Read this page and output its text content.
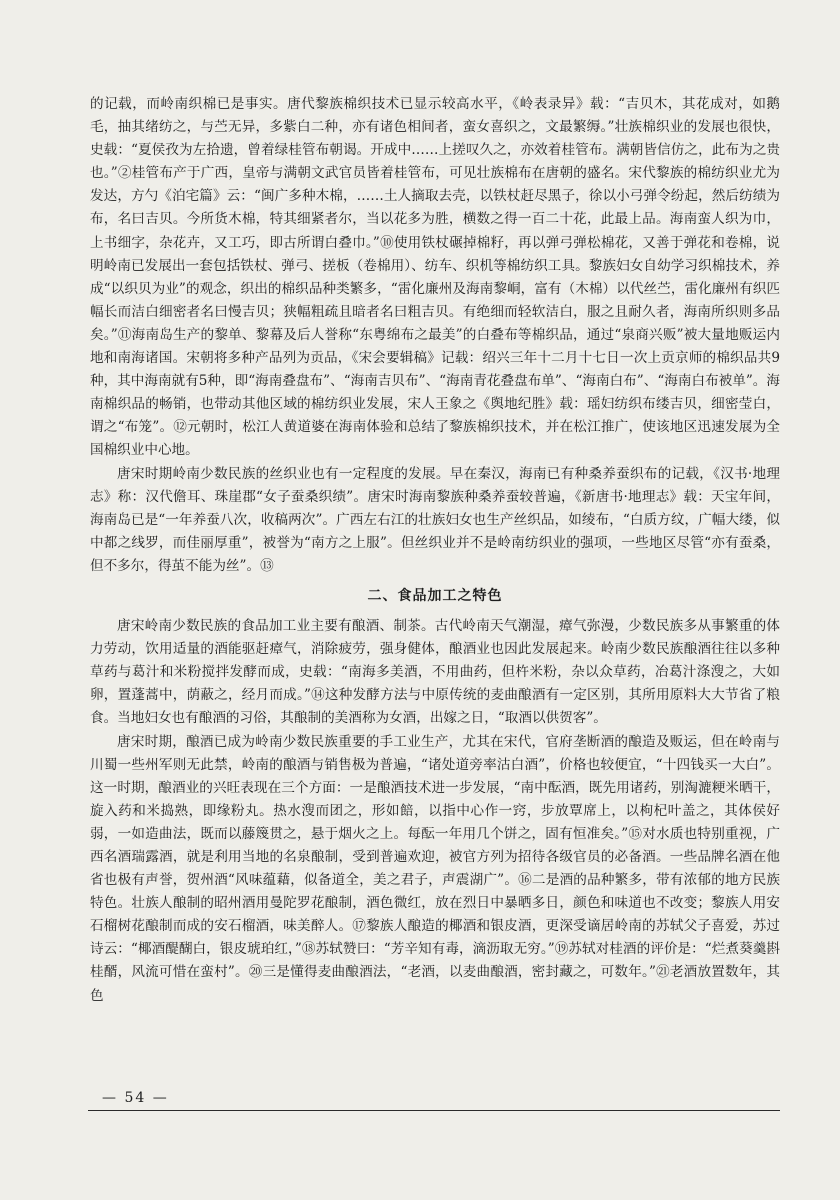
的记载，而岭南织棉已是事实。唐代黎族棉织技术已显示较高水平，《岭表录异》载：“吉贝木，其花成对，如鹅毛，抽其绪纺之，与苎无异，多紫白二种，亦有诸色相间者，蛮女喜织之，文最繁缛。”壮族棉织业的发展也很快，史载：“夏侯孜为左拾遗，曾着绿桂管布朝谒。开成中……上搓叹久之，亦效着桂管布。满朝皆信仿之，此布为之贵也。”②桂管布产于广西，皇帝与满朝文武官员皆着桂管布，可见壮族棉布在唐朝的盛名。宋代黎族的棉纺织业尤为发达，方勺《泊宅篇》云：“闽广多种木棉，……土人摘取去壳，以铁杖赶尽黑子，徐以小弓弹令纷起，然后纺绩为布，名曰吉贝。今所货木棉，特其细紧者尔，当以花多为胜，横数之得一百二十花，此最上品。海南蛮人织为巾，上书细字，杂花卉，又工巧，即古所谓白叠巾。”⑩使用铁杖碾掉棉籽，再以弹弓弹松棉花，又善于弹花和卷棉，说明岭南已发展出一套包括铁杖、弹弓、搓板（卷棉用）、纺车、织机等棉纺织工具。黎族妇女自幼学习织棉技术，养成“以织贝为业”的观念，织出的棉织品种类繁多，“雷化廉州及海南黎峒，富有（木棉）以代丝苎，雷化廉州有织匹幅长而洁白细密者名曰慢吉贝；狭幅粗疏且暗者名曰粗吉贝。有绝细而轻软洁白，服之且耐久者，海南所织则多品矣。”⑪海南岛生产的黎单、黎幕及后人誉称“东粤绵布之最美”的白叠布等棉织品，通过“泉商兴贩”被大量地贩运内地和南海诸国。宋朝将多种产品列为贡品，《宋会要辑稿》记载：绍兴三年十二月十七日一次上贡京师的棉织品共9种，其中海南就有5种，即“海南叠盘布”、“海南吉贝布”、“海南青花叠盘布单”、“海南白布”、“海南白布被单”。海南棉织品的畅销，也带动其他区域的棉纺织业发展，宋人王象之《舆地纪胜》载：瑶妇纺织布缕吉贝，细密莹白，谓之“布笼”。⑫元朝时，松江人黄道婆在海南体验和总结了黎族棉织技术，并在松江推广，使该地区迅速发展为全国棉织业中心地。

唐宋时期岭南少数民族的丝织业也有一定程度的发展。早在秦汉，海南已有种桑养蚕织布的记载，《汉书·地理志》称：汉代儋耳、珠崖郡“女子蚕桑织绩”。唐宋时海南黎族种桑养蚕较普遍，《新唐书·地理志》载：天宝年间，海南岛已是“一年养蚕八次，收稿两次”。广西左右江的壮族妇女也生产丝织品，如绫布，“白质方纹，广幅大缕，似中都之线罗，而佳丽厚重”，被誉为“南方之上服”。但丝织业并不是岭南纺织业的强项，一些地区尽管“亦有蚕桑，但不多尔，得茧不能为丝”。⑬

二、食品加工之特色

唐宋岭南少数民族的食品加工业主要有酿酒、制茶。古代岭南天气潮湿，瘴气弥漫，少数民族多从事繁重的体力劳动，饮用适量的酒能驱赶瘴气，消除疲劳，强身健体，酿酒业也因此发展起来。岭南少数民族酿酒往往以多种草药与葛汁和米粉搅拌发酵而成，史载：“南海多美酒，不用曲药，但杵米粉，杂以众草药，冶葛汁涤溲之，大如卵，置蓬蒿中，荫蔽之，经月而成。”⑭这种发酵方法与中原传统的麦曲酿酒有一定区别，其所用原料大大节省了粮食。当地妇女也有酿酒的习俗，其酿制的美酒称为女酒，出嫁之日，“取酒以供贺客”。

唐宋时期，酿酒已成为岭南少数民族重要的手工业生产，尤其在宋代，官府垄断酒的酿造及贩运，但在岭南与川蜀一些州军则无此禁，岭南的酿酒与销售极为普遍，“诸处道旁率沽白酒”，价格也较便宜，“十四钱买一大白”。这一时期，酿酒业的兴旺表现在三个方面：一是酿酒技术进一步发展，“南中酝酒，既先用诸药，别淘漉粳米晒干，旋入药和米捣熟，即缘粉丸。热水溲而团之，形如餢，以指中心作一窍，步放覃席上，以枸杞叶盖之，其体侯好弱，一如造曲法，既而以藤篾贯之，悬于烟火之上。每酝一年用几个饼之，固有恒准矣。”⑮对水质也特别重视，广西名酒瑞露酒，就是利用当地的名泉酿制，受到普遍欢迎，被官方列为招待各级官员的必备酒。一些品牌名酒在他省也极有声誉，贺州酒“风味蕴藉，似备道全，美之君子，声震湖广”。⑯二是酒的品种繁多，带有浓郁的地方民族特色。壮族人酿制的昭州酒用曼陀罗花酿制，酒色微红，放在烈日中暴晒多日，颜色和味道也不改变；黎族人用安石榴树花酿制而成的安石榴酒，味美醉人。⑰黎族人酿造的椰酒和银皮酒，更深受谪居岭南的苏轼父子喜爱，苏过诗云：“椰酒醍醐白，银皮琥珀红，”⑱苏轼赞曰：“芳辛知有毒，滴沥取无穷。”⑲苏轼对桂酒的评价是：“烂煮葵羹斟桂醑，风流可惜在蛮村”。⑳三是懂得麦曲酿酒法，“老酒，以麦曲酿酒，密封藏之，可数年。”㉑老酒放置数年，其色

— 54 —
